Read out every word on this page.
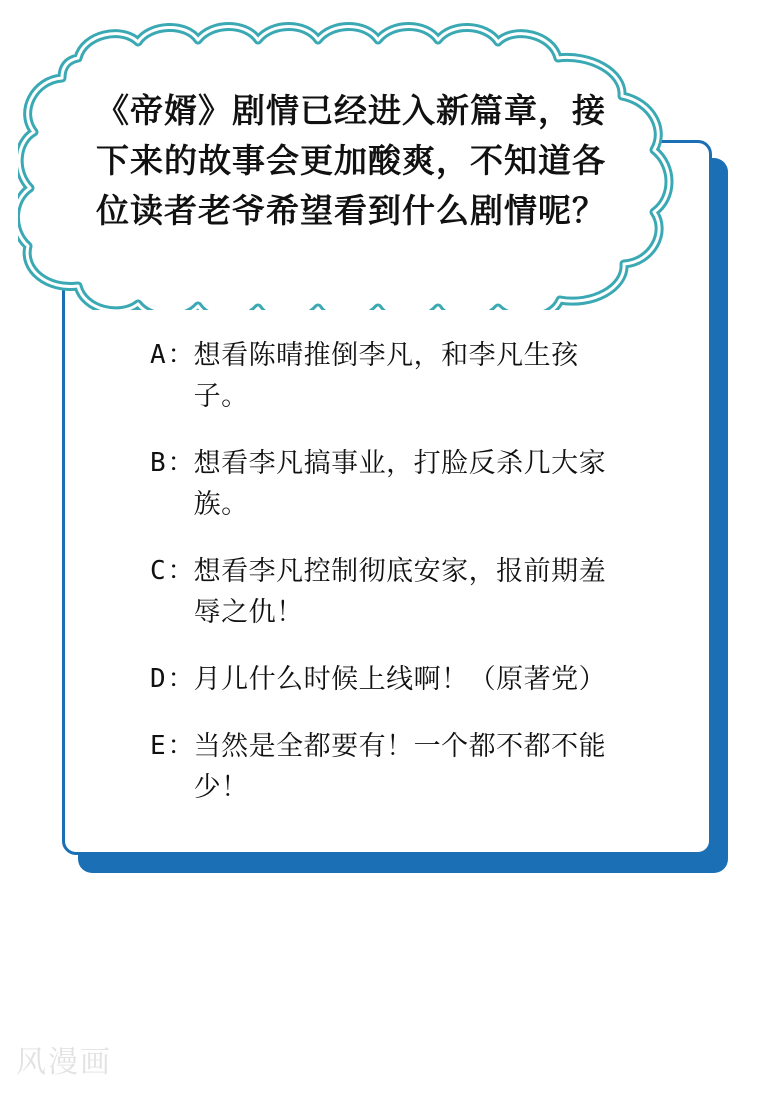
《帝婿》剧情已经进入新篇章，接下来的故事会更加酸爽，不知道各位读者老爷希望看到什么剧情呢？
A ： 想看陈晴推倒李凡，和李凡生孩子。
B ： 想看李凡搞事业，打脸反杀几大家族。
C ： 想看李凡控制彻底安家，报前期羞辱之仇！
D ： 月儿什么时候上线啊！（原著党）
E ： 当然是全都要有！一个都不都不能少！
风漫画
